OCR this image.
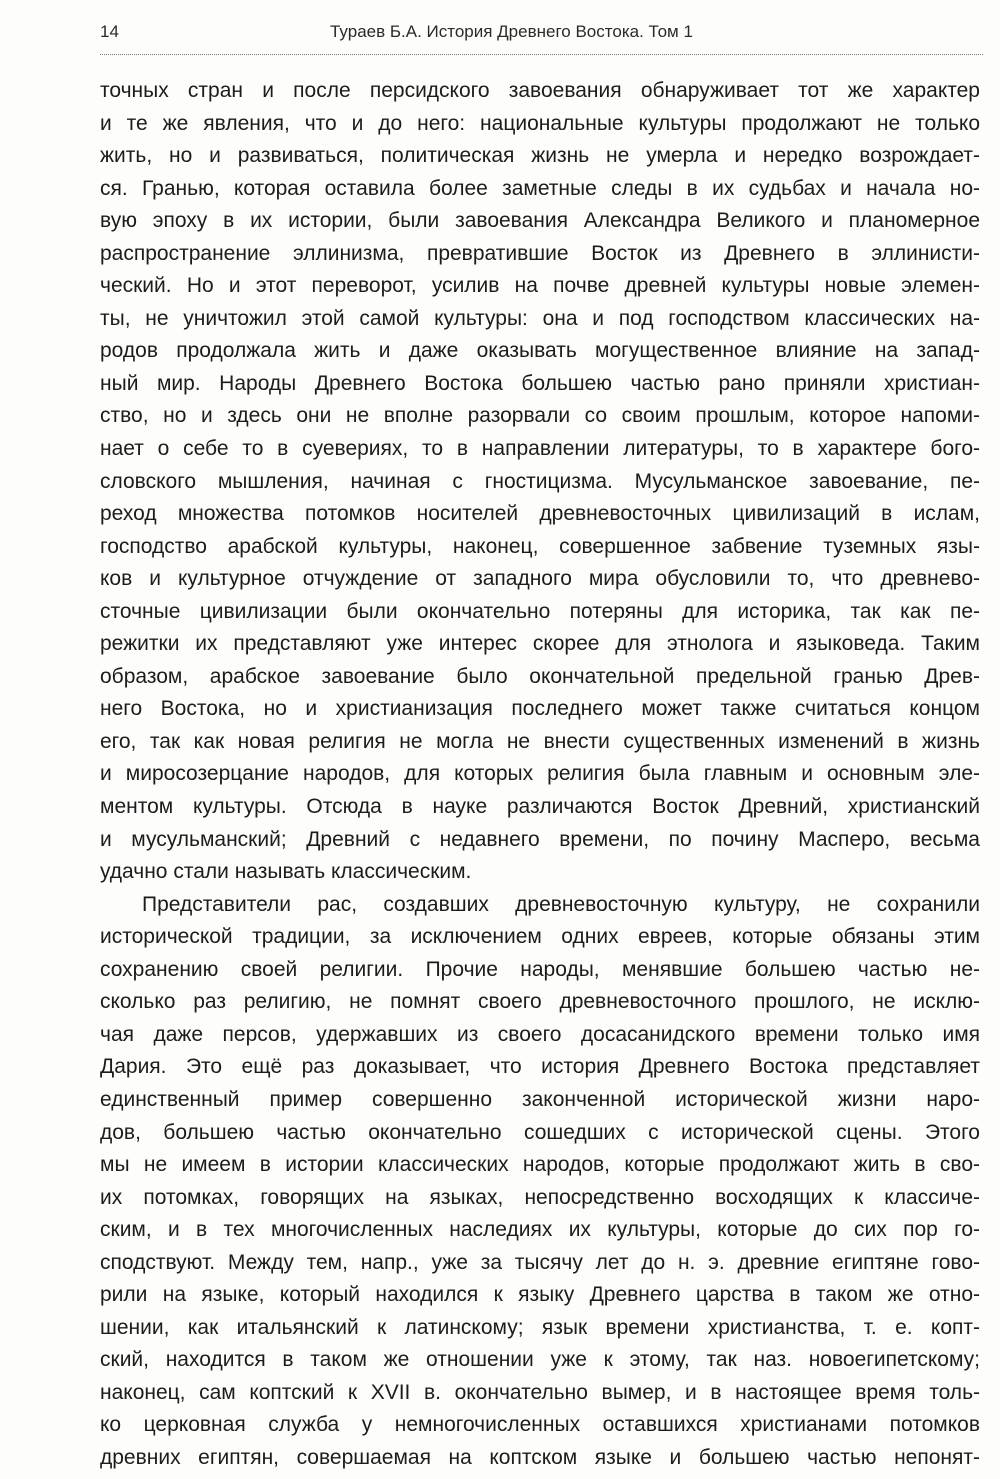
14	Тураев Б.А. История Древнего Востока. Том 1
точных стран и после персидского завоевания обнаруживает тот же характер
и те же явления, что и до него: национальные культуры продолжают не только
жить, но и развиваться, политическая жизнь не умерла и нередко возрождает-
ся. Гранью, которая оставила более заметные следы в их судьбах и начала но-
вую эпоху в их истории, были завоевания Александра Великого и планомерное
распространение эллинизма, превратившие Восток из Древнего в эллинисти-
ческий. Но и этот переворот, усилив на почве древней культуры новые элемен-
ты, не уничтожил этой самой культуры: она и под господством классических на-
родов продолжала жить и даже оказывать могущественное влияние на запад-
ный мир. Народы Древнего Востока большею частью рано приняли христиан-
ство, но и здесь они не вполне разорвали со своим прошлым, которое напоми-
нает о себе то в суевериях, то в направлении литературы, то в характере бого-
словского мышления, начиная с гностицизма. Мусульманское завоевание, пе-
реход множества потомков носителей древневосточных цивилизаций в ислам,
господство арабской культуры, наконец, совершенное забвение туземных язы-
ков и культурное отчуждение от западного мира обусловили то, что древнево-
сточные цивилизации были окончательно потеряны для историка, так как пе-
режитки их представляют уже интерес скорее для этнолога и языковеда. Таким
образом, арабское завоевание было окончательной предельной гранью Древ-
него Востока, но и христианизация последнего может также считаться концом
его, так как новая религия не могла не внести существенных изменений в жизнь
и миросозерцание народов, для которых религия была главным и основным эле-
ментом культуры. Отсюда в науке различаются Восток Древний, христианский
и мусульманский; Древний с недавнего времени, по почину Масперо, весьма
удачно стали называть классическим.
Представители рас, создавших древневосточную культуру, не сохранили
исторической традиции, за исключением одних евреев, которые обязаны этим
сохранению своей религии. Прочие народы, менявшие большею частью не-
сколько раз религию, не помнят своего древневосточного прошлого, не исклю-
чая даже персов, удержавших из своего досасанидского времени только имя
Дария. Это ещё раз доказывает, что история Древнего Востока представляет
единственный пример совершенно законченной исторической жизни наро-
дов, большею частью окончательно сошедших с исторической сцены. Этого
мы не имеем в истории классических народов, которые продолжают жить в сво-
их потомках, говорящих на языках, непосредственно восходящих к классиче-
ским, и в тех многочисленных наследиях их культуры, которые до сих пор го-
сподствуют. Между тем, напр., уже за тысячу лет до н. э. древние египтяне гово-
рили на языке, который находился к языку Древнего царства в таком же отно-
шении, как итальянский к латинскому; язык времени христианства, т. е. копт-
ский, находится в таком же отношении уже к этому, так наз. новоегипетскому;
наконец, сам коптский к XVII в. окончательно вымер, и в настоящее время толь-
ко церковная служба у немногочисленных оставшихся христианами потомков
древних египтян, совершаемая на коптском языке и большею частью непонят-
